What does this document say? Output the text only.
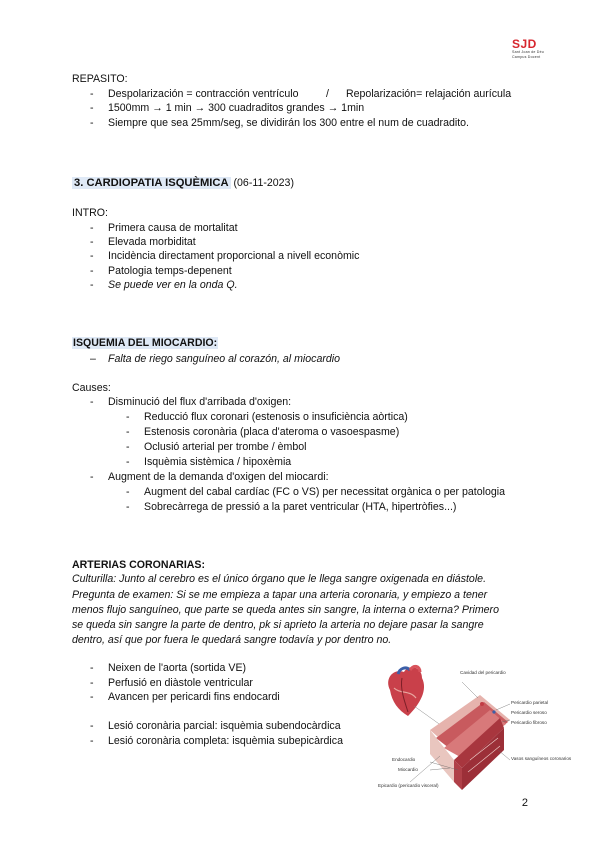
SJD
Sant Joan de Déu
Campus Docent
REPASITO:
- Despolarización = contracción ventrículo	/ Repolarización= relajación aurícula
- 1500mm → 1 min → 300 cuadraditos grandes → 1min
- Siempre que sea 25mm/seg, se dividirán los 300 entre el num de cuadradito.
3. CARDIOPATIA ISQUÈMICA (06-11-2023)
INTRO:
- Primera causa de mortalitat
- Elevada morbiditat
- Incidència directament proporcional a nivell econòmic
- Patologia temps-depenent
- Se puede ver en la onda Q.
ISQUEMIA DEL MIOCARDIO:
– Falta de riego sanguíneo al corazón, al miocardio
Causes:
- Disminució del flux d'arribada d'oxigen:
- Reducció flux coronari (estenosis o insuficiència aòrtica)
- Estenosis coronària (placa d'ateroma o vasoespasme)
- Oclusió arterial per trombe / èmbol
- Isquèmia sistèmica / hipoxèmia
- Augment de la demanda d'oxigen del miocardi:
- Augment del cabal cardíac (FC o VS) per necessitat orgànica o per patologia
- Sobrecàrrega de pressió a la paret ventricular (HTA, hipertròfies...)
ARTERIAS CORONARIAS:
Culturilla: Junto al cerebro es el único órgano que le llega sangre oxigenada en diástole.
Pregunta de examen: Si se me empieza a tapar una arteria coronaria, y empiezo a tener
menos flujo sanguíneo, que parte se queda antes sin sangre, la interna o externa? Primero
se queda sin sangre la parte de dentro, pk si aprieto la arteria no dejare pasar la sangre
dentro, así que por fuera le quedará sangre todavía y por dentro no.
- Neixen de l'aorta (sortida VE)
- Perfusió en diàstole ventricular
- Avancen per pericardi fins endocardi
- Lesió coronària parcial: isquèmia subendocàrdica
- Lesió coronària completa: isquèmia subepicàrdica
Cavidad del pericardio
Pericardio parietal
Pericardio seroso
Pericardio fibroso
Vasos sanguíneos coronarios
Endocardio
Miocardio
Epicardio (pericardio visceral)
2
